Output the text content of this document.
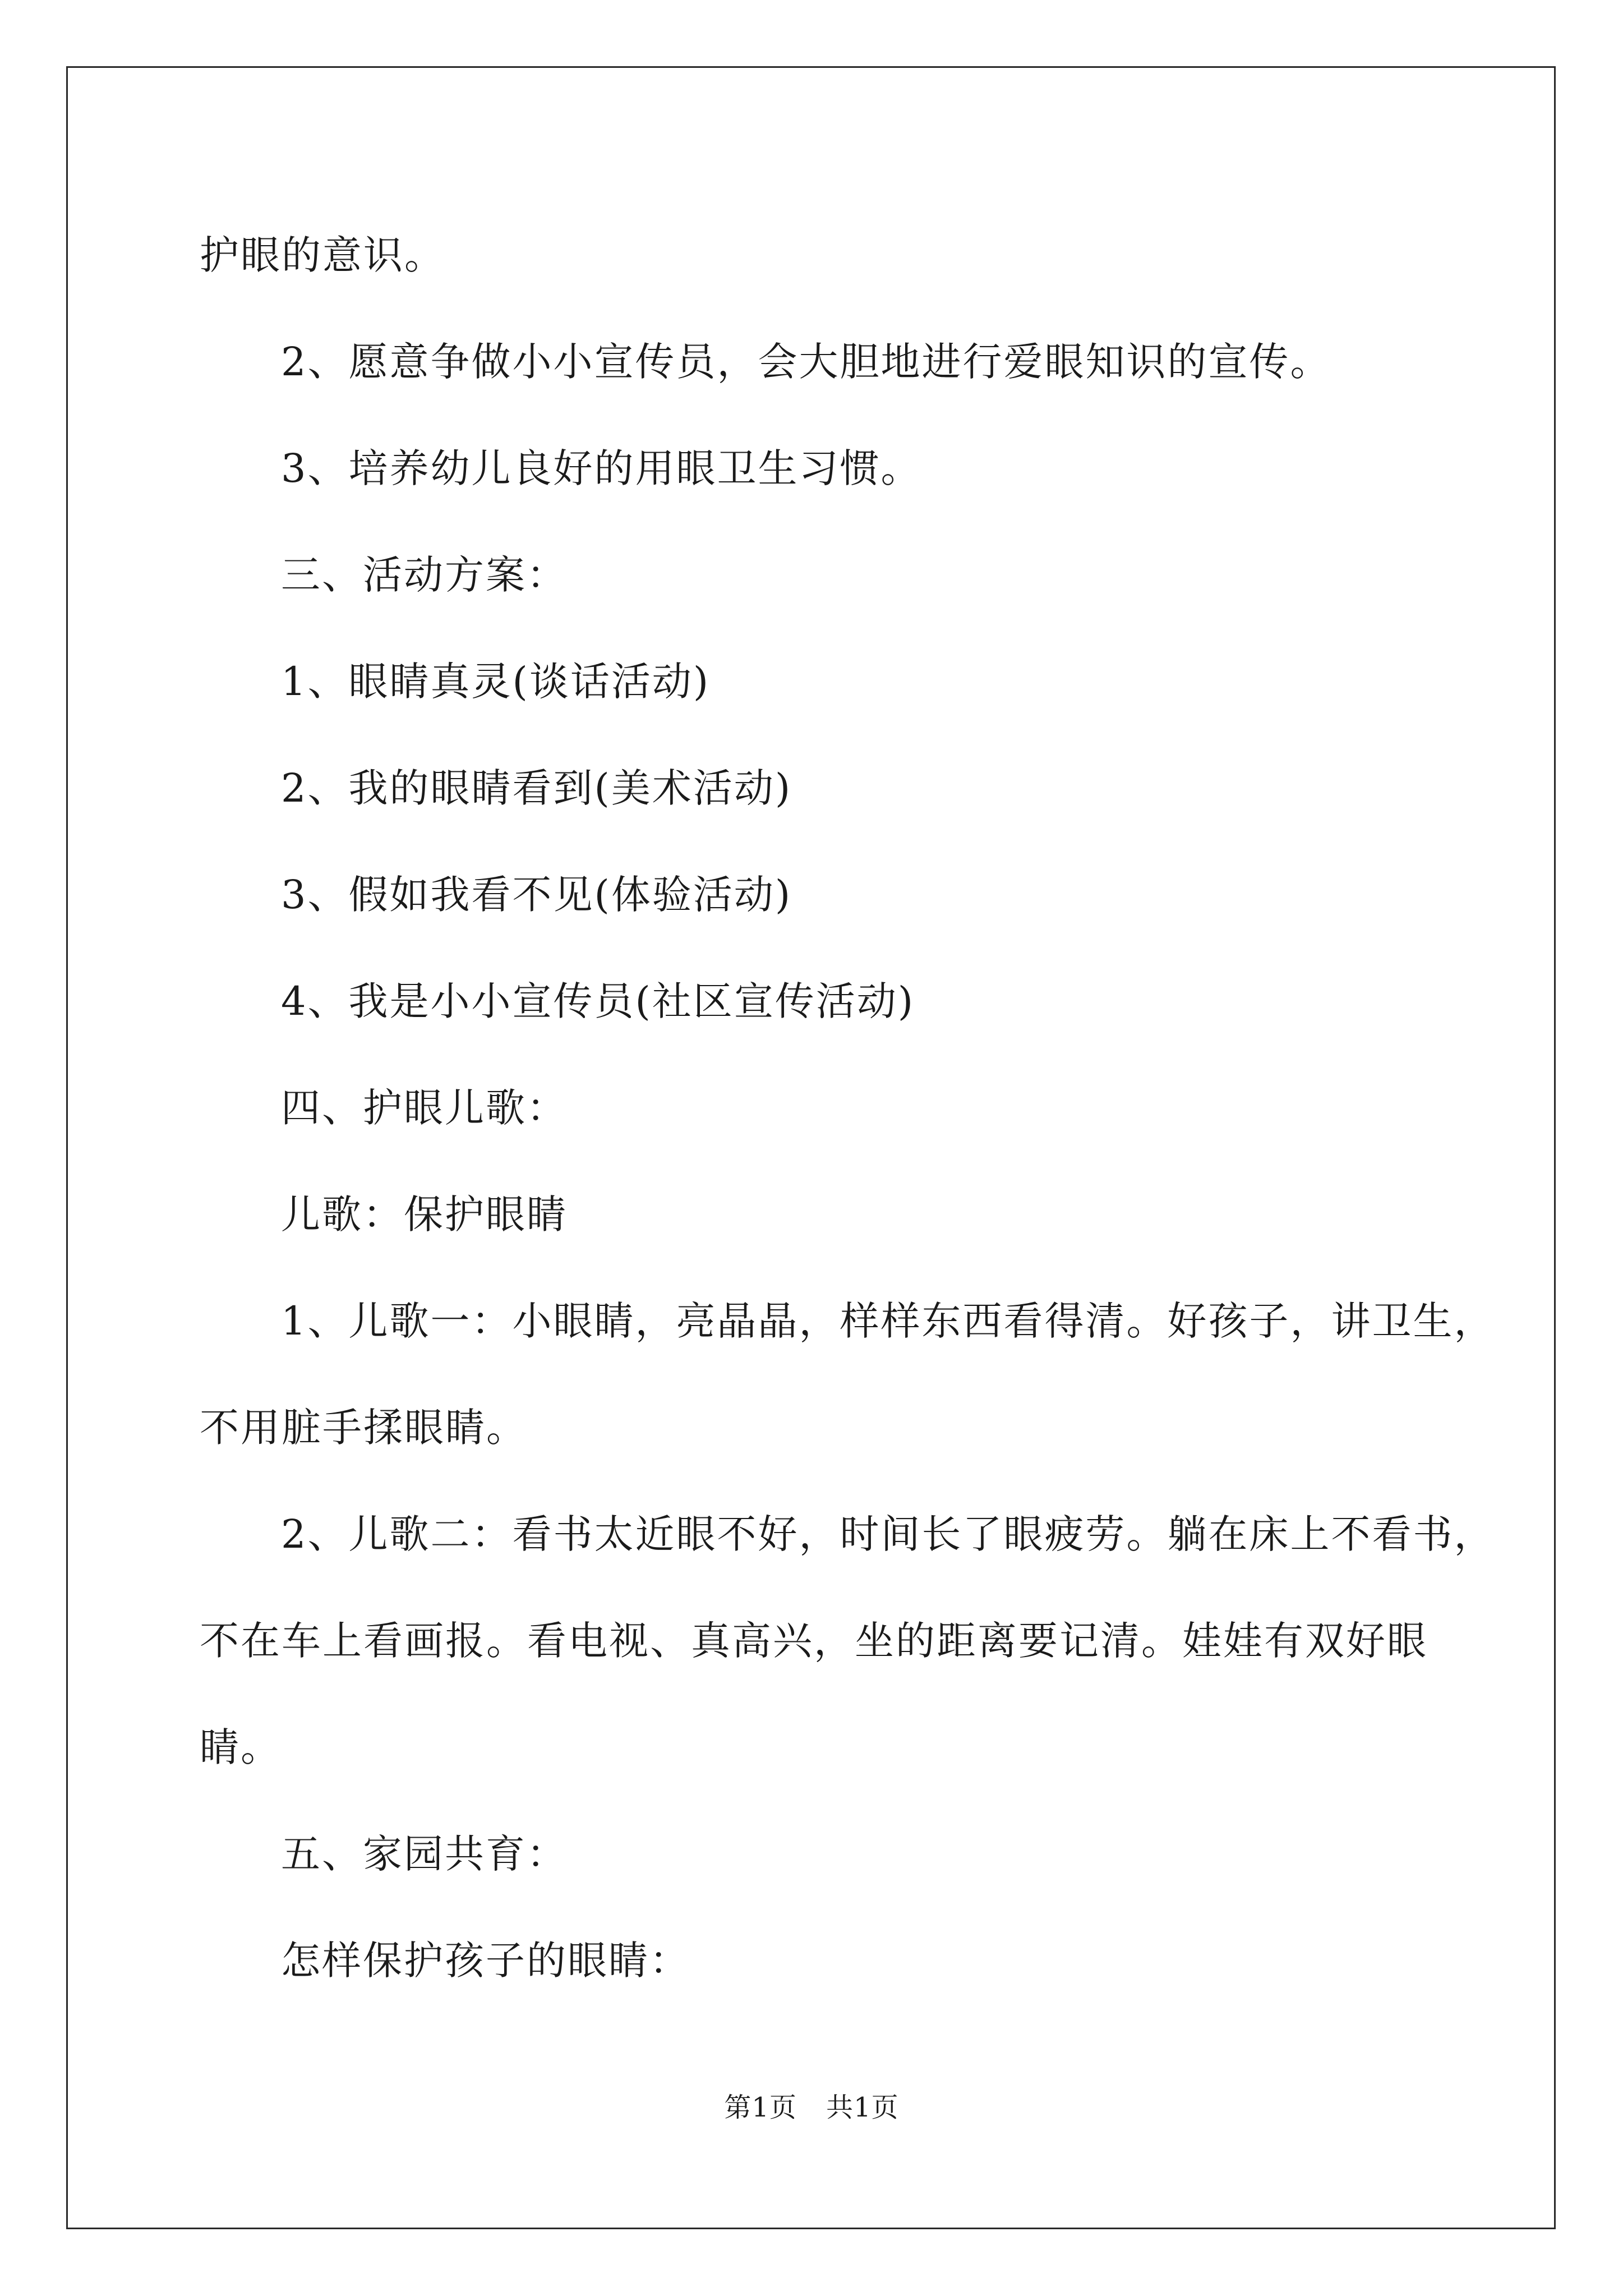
护眼的意识。

2、愿意争做小小宣传员，会大胆地进行爱眼知识的宣传。

3、培养幼儿良好的用眼卫生习惯。

三、活动方案：

1、眼睛真灵(谈话活动)

2、我的眼睛看到(美术活动)

3、假如我看不见(体验活动)

4、我是小小宣传员(社区宣传活动)

四、护眼儿歌：

儿歌：保护眼睛

1、儿歌一：小眼睛，亮晶晶，样样东西看得清。好孩子，讲卫生，

不用脏手揉眼睛。

2、儿歌二：看书太近眼不好，时间长了眼疲劳。躺在床上不看书，

不在车上看画报。看电视、真高兴，坐的距离要记清。娃娃有双好眼

睛。

五、家园共育：

怎样保护孩子的眼睛：

第1页 共1页
